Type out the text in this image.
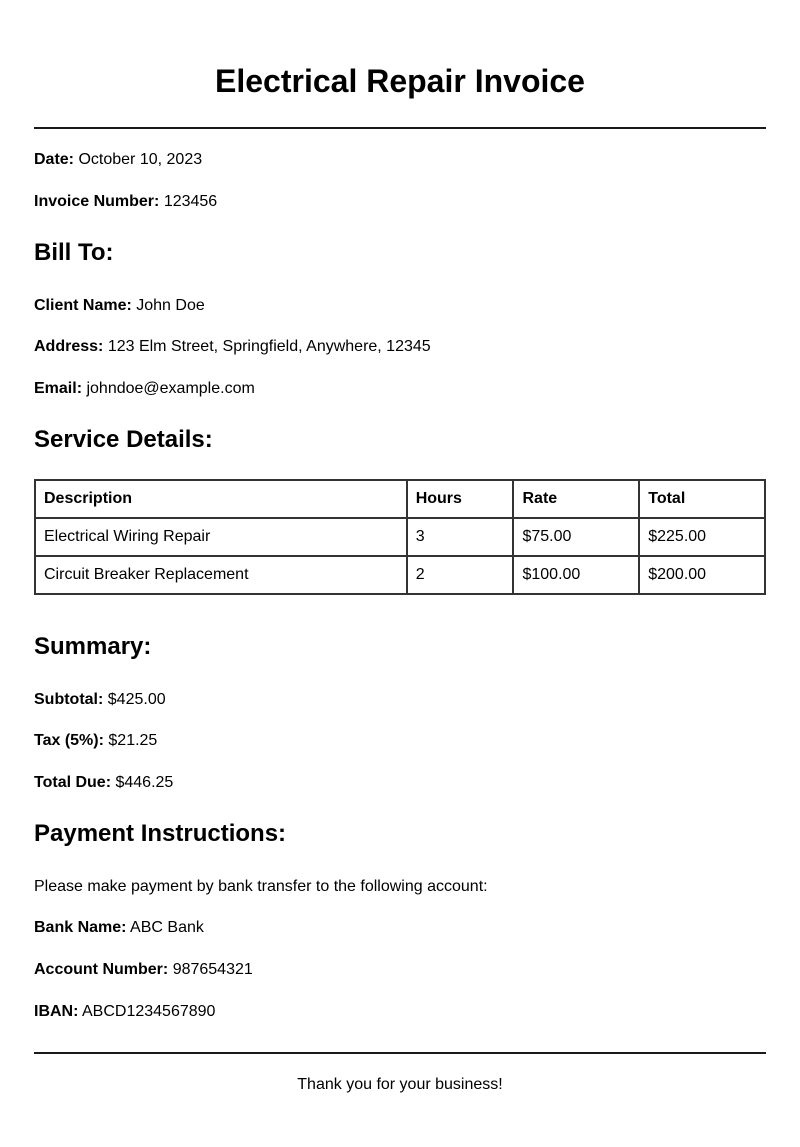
Electrical Repair Invoice
Date: October 10, 2023
Invoice Number: 123456
Bill To:
Client Name: John Doe
Address: 123 Elm Street, Springfield, Anywhere, 12345
Email: johndoe@example.com
Service Details:
Description	Hours	Rate	Total
Electrical Wiring Repair	3	$75.00	$225.00
Circuit Breaker Replacement	2	$100.00	$200.00
Summary:
Subtotal: $425.00
Tax (5%): $21.25
Total Due: $446.25
Payment Instructions:
Please make payment by bank transfer to the following account:
Bank Name: ABC Bank
Account Number: 987654321
IBAN: ABCD1234567890
Thank you for your business!
